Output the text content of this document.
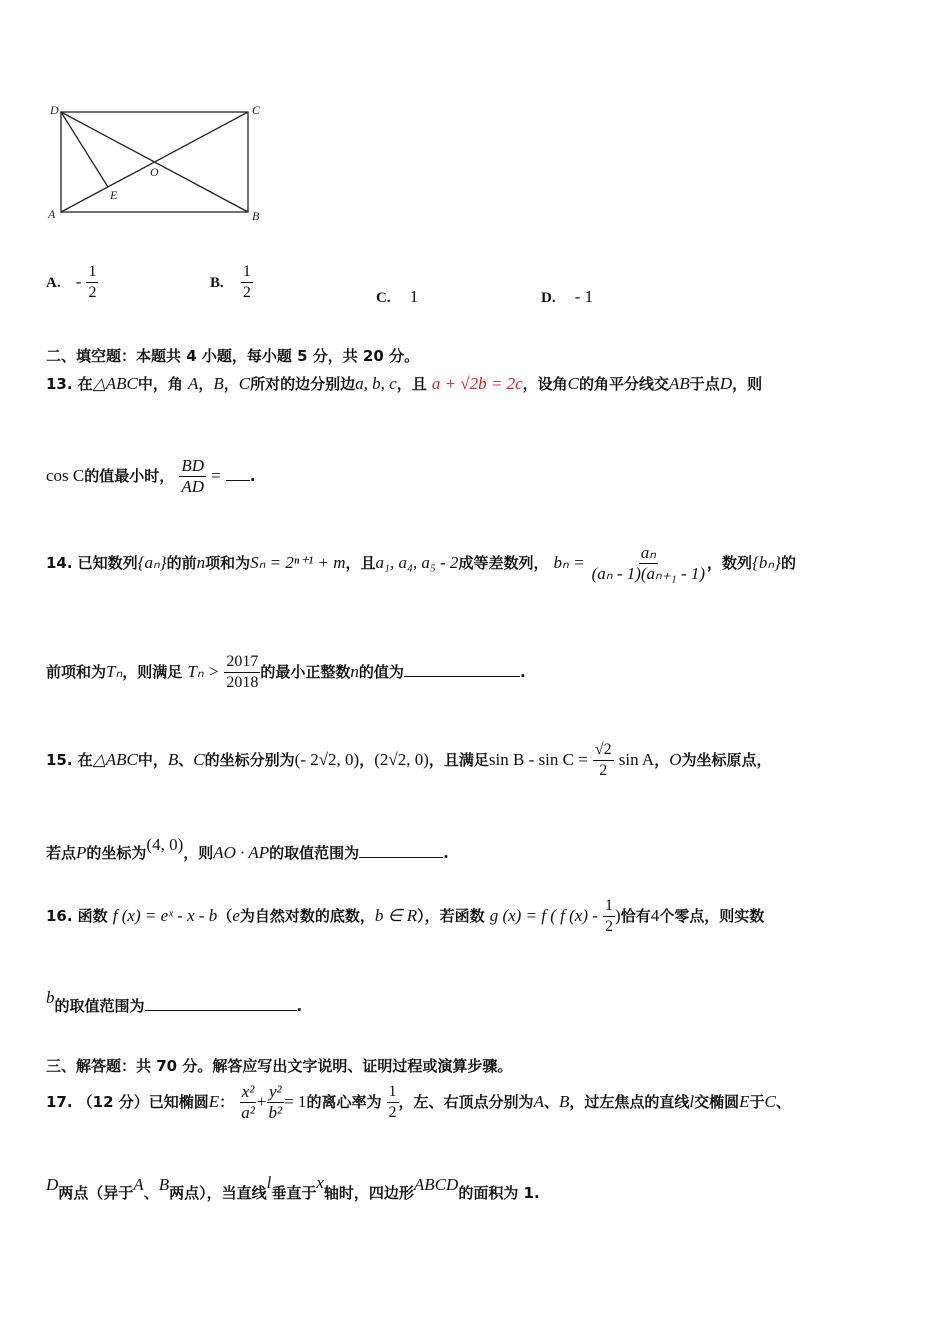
D	C
A	B
E
O
A. - $\frac{1}{2}$	B. $\frac{1}{2}$	C. 1	D. - 1
二、填空题：本题共 4 小题，每小题 5 分，共 20 分。
13. 在△ABC中，角 A，B，C所对的边分别边a, b, c，且 a + √2b = 2c，设角C的角平分线交AB于点D，则
cos C的值最小时， $\frac{BD}{AD}$ = .
14. 已知数列{aₙ}的前n项和为Sₙ = 2ⁿ⁺¹ + m，且a₁, a₄, a₅ - 2成等差数列， $b_n = \frac{\text{aₙ}}{\text{(aₙ - 1)(aₙ₊₁ - 1)}}$ ，数列{bₙ}的
前项和为Tₙ，则满足 $T_n > \frac{2017}{2018}$ 的最小正整数n的值为	.
15. 在△ABC中，B、C的坐标分别为(- 2√2, 0)，(2√2, 0)，且满足$\sin B - \sin C = \frac{√2}{2}$ sin A，O为坐标原点，
若点P的坐标为(4, 0)，则AO · AP的取值范围为	.
16. 函数 f (x) = eˣ - x - b（e为自然对数的底数，b ∈ R），若函数 g (x) = f ( f $(x) - \frac{1}{2}$ )恰有4个零点，则实数
b的取值范围为	.
三、解答题：共 70 分。解答应写出文字说明、证明过程或演算步骤。
17. （12 分）已知椭圆E： $\frac{\text{x²}}{\text{a²}} + \frac{\text{y²}}{\text{b²}} = 1$的离心率为 $\frac{1}{2}$ ，左、右顶点分别为A、B，过左焦点的直线l交椭圆E于C、
D两点（异于A、B两点），当直线l垂直于x轴时，四边形ABCD的面积为 1.
